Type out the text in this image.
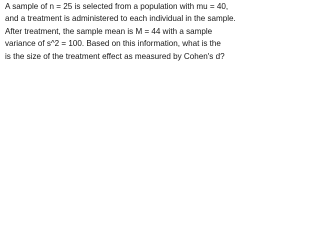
A sample of n = 25 is selected from a population with mu = 40,
and a treatment is administered to each individual in the sample.
After treatment, the sample mean is M = 44 with a sample
variance of s^2 = 100. Based on this information, what is the
is the size of the treatment effect as measured by Cohen's d?
